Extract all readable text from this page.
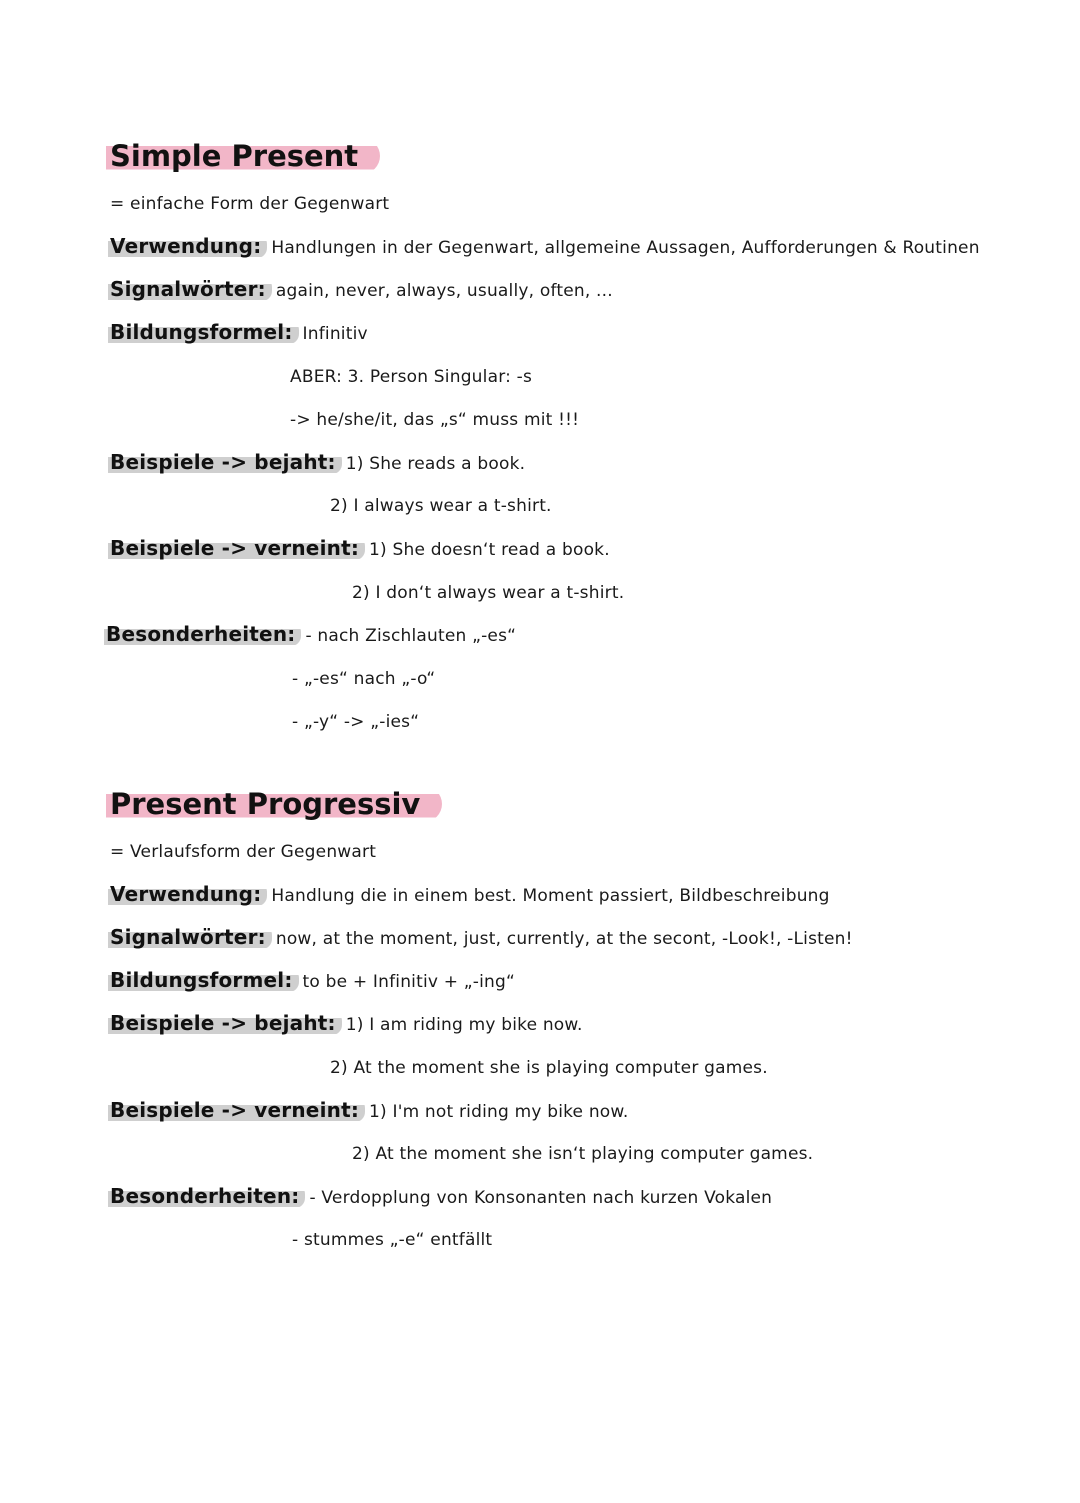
Simple Present
= einfache Form der Gegenwart
Verwendung: Handlungen in der Gegenwart, allgemeine Aussagen, Aufforderungen & Routinen
Signalwörter: again, never, always, usually, often, ...
Bildungsformel: Infinitiv
ABER: 3. Person Singular: -s
-> he/she/it, das „s“ muss mit !!!
Beispiele -> bejaht: 1) She reads a book.
2) I always wear a t-shirt.
Beispiele -> verneint: 1) She doesn‘t read a book.
2) I don‘t always wear a t-shirt.
Besonderheiten: - nach Zischlauten „-es“
- „-es“ nach „-o“
- „-y“ -> „-ies“
Present Progressiv
= Verlaufsform der Gegenwart
Verwendung: Handlung die in einem best. Moment passiert, Bildbeschreibung
Signalwörter: now, at the moment, just, currently, at the secont, -Look!, -Listen!
Bildungsformel: to be + Infinitiv + „-ing“
Beispiele -> bejaht: 1) I am riding my bike now.
2) At the moment she is playing computer games.
Beispiele -> verneint: 1) I'm not riding my bike now.
2) At the moment she isn‘t playing computer games.
Besonderheiten: - Verdopplung von Konsonanten nach kurzen Vokalen
- stummes „-e“ entfällt
